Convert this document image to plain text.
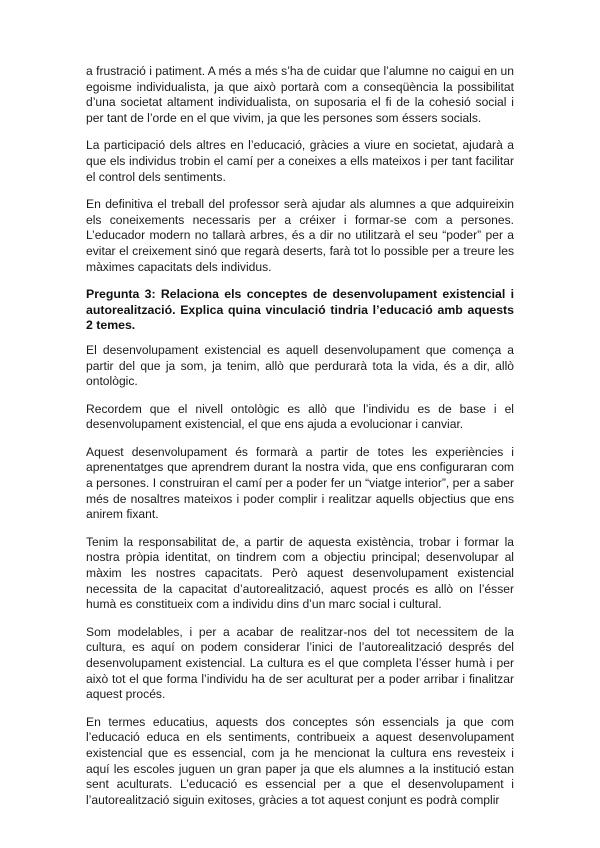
a frustració i patiment. A més a més s’ha de cuidar que l’alumne no caigui en un egoisme individualista, ja que això portarà com a conseqüència la possibilitat d’una societat altament individualista, on suposaria el fi de la cohesió social i per tant de l’orde en el que vivim, ja que les persones som éssers socials.

La participació dels altres en l’educació, gràcies a viure en societat, ajudarà a que els individus trobin el camí per a coneixes a ells mateixos i per tant facilitar el control dels sentiments.

En definitiva el treball del professor serà ajudar als alumnes a que adquireixin els coneixements necessaris per a créixer i formar-se com a persones. L’educador modern no tallarà arbres, és a dir no utilitzarà el seu “poder” per a evitar el creixement sinó que regarà deserts, farà tot lo possible per a treure les màximes capacitats dels individus.

Pregunta 3: Relaciona els conceptes de desenvolupament existencial i autorealització. Explica quina vinculació tindria l’educació amb aquests 2 temes.

El desenvolupament existencial es aquell desenvolupament que comença a partir del que ja som, ja tenim, allò que perdurarà tota la vida, és a dir, allò ontològic.

Recordem que el nivell ontològic es allò que l’individu es de base i el desenvolupament existencial, el que ens ajuda a evolucionar i canviar.

Aquest desenvolupament és formarà a partir de totes les experiències i aprenentatges que aprendrem durant la nostra vida, que ens configuraran com a persones. I construiran el camí per a poder fer un “viatge interior”, per a saber més de nosaltres mateixos i poder complir i realitzar aquells objectius que ens anirem fixant.

Tenim la responsabilitat de, a partir de aquesta existència, trobar i formar la nostra pròpia identitat, on tindrem com a objectiu principal; desenvolupar al màxim les nostres capacitats. Però aquest desenvolupament existencial necessita de la capacitat d’autorealització, aquest procés es allò on l’ésser humà es constitueix com a individu dins d’un marc social i cultural.

Som modelables, i per a acabar de realitzar-nos del tot necessitem de la cultura, es aquí on podem considerar l’inici de l’autorealització després del desenvolupament existencial. La cultura es el que completa l’ésser humà i per això tot el que forma l’individu ha de ser aculturat per a poder arribar i finalitzar aquest procés.

En termes educatius, aquests dos conceptes són essencials ja que com l’educació educa en els sentiments, contribueix a aquest desenvolupament existencial que es essencial, com ja he mencionat la cultura ens revesteix i aquí les escoles juguen un gran paper ja que els alumnes a la institució estan sent aculturats. L’educació es essencial per a que el desenvolupament i l’autorealització siguin exitoses, gràcies a tot aquest conjunt es podrà complir
